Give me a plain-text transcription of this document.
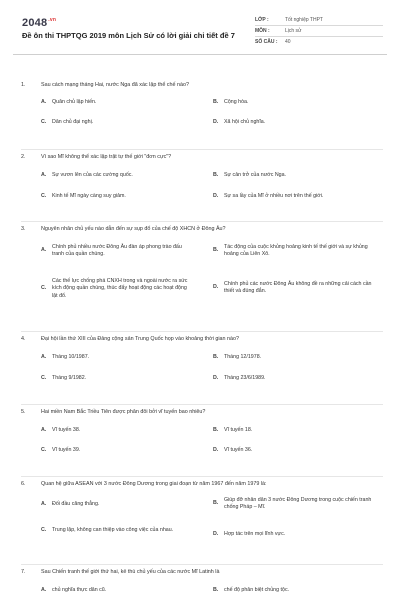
$2048^{.vn}$
Đề ôn thi THPTQG 2019 môn Lịch Sử có lời giải chi tiết đề 7
LỚP :	Tốt nghiệp THPT
MÔN :	Lịch sử
SỐ CÂU :	40
1.	Sau cách mạng tháng Hai, nước Nga đã xác lập thể chế nào?
A.	Quân chủ lập hiến.	B.	Cộng hòa.
C.	Dân chủ đại nghị.	D.	Xã hội chủ nghĩa.
2.	Vì sao Mĩ không thể xác lập trật tự thế giới "đơn cực"?
A.	Sự vươn lên của các cường quốc.	B.	Sự cản trở của nước Nga.
C.	Kinh tế Mĩ ngày càng suy giảm.	D.	Sự sa lầy của Mĩ ở nhiều nơi trên thế giới.
3.	Nguyên nhân chủ yếu nào dẫn đến sự sụp đổ của chế độ XHCN ở Đông Âu?
A.
Chính phủ nhiều nước Đông Âu đàn áp phong trào đấu tranh của quần chúng.
B.
Tác động của cuộc khủng hoảng kinh tế thế giới và sự khủng hoảng của Liên Xô.
C.
Các thế lực chống phá CNXH trong và ngoài nước ra sức kích động quần chúng, thúc đẩy hoạt động các hoạt động lật đổ.
D.
Chính phủ các nước Đông Âu không đề ra những cải cách cần thiết và đúng đắn.
4.	Đại hội lần thứ XIII của Đảng cộng sản Trung Quốc họp vào khoảng thời gian nào?
A.	Tháng 10/1987.	B.	Tháng 12/1978.
C.	Tháng 9/1982.	D.	Tháng 23/6/1989.
5.	Hai miền Nam Bắc Triều Tiên được phân đôi bởi vĩ tuyến bao nhiêu?
A.	Vĩ tuyến 38.	B.	Vĩ tuyến 18.
C.	Vĩ tuyến 39.	D.	Vĩ tuyến 36.
6.	Quan hệ giữa ASEAN với 3 nước Đông Dương trong giai đoạn từ năm 1967 đến năm 1979 là:
A.	Đối đầu căng thẳng.	B.
Giúp đỡ nhân dân 3 nước Đông Dương trong cuộc chiến tranh chống Pháp – Mĩ.
C.	Trung lập, không can thiệp vào công việc của nhau.
D.	Hợp tác trên mọi lĩnh vực.
7.	Sau Chiến tranh thế giới thứ hai, kẻ thù chủ yếu của các nước Mĩ Latinh là
A.	chủ nghĩa thực dân cũ.	B.	chế độ phân biệt chủng tộc.
